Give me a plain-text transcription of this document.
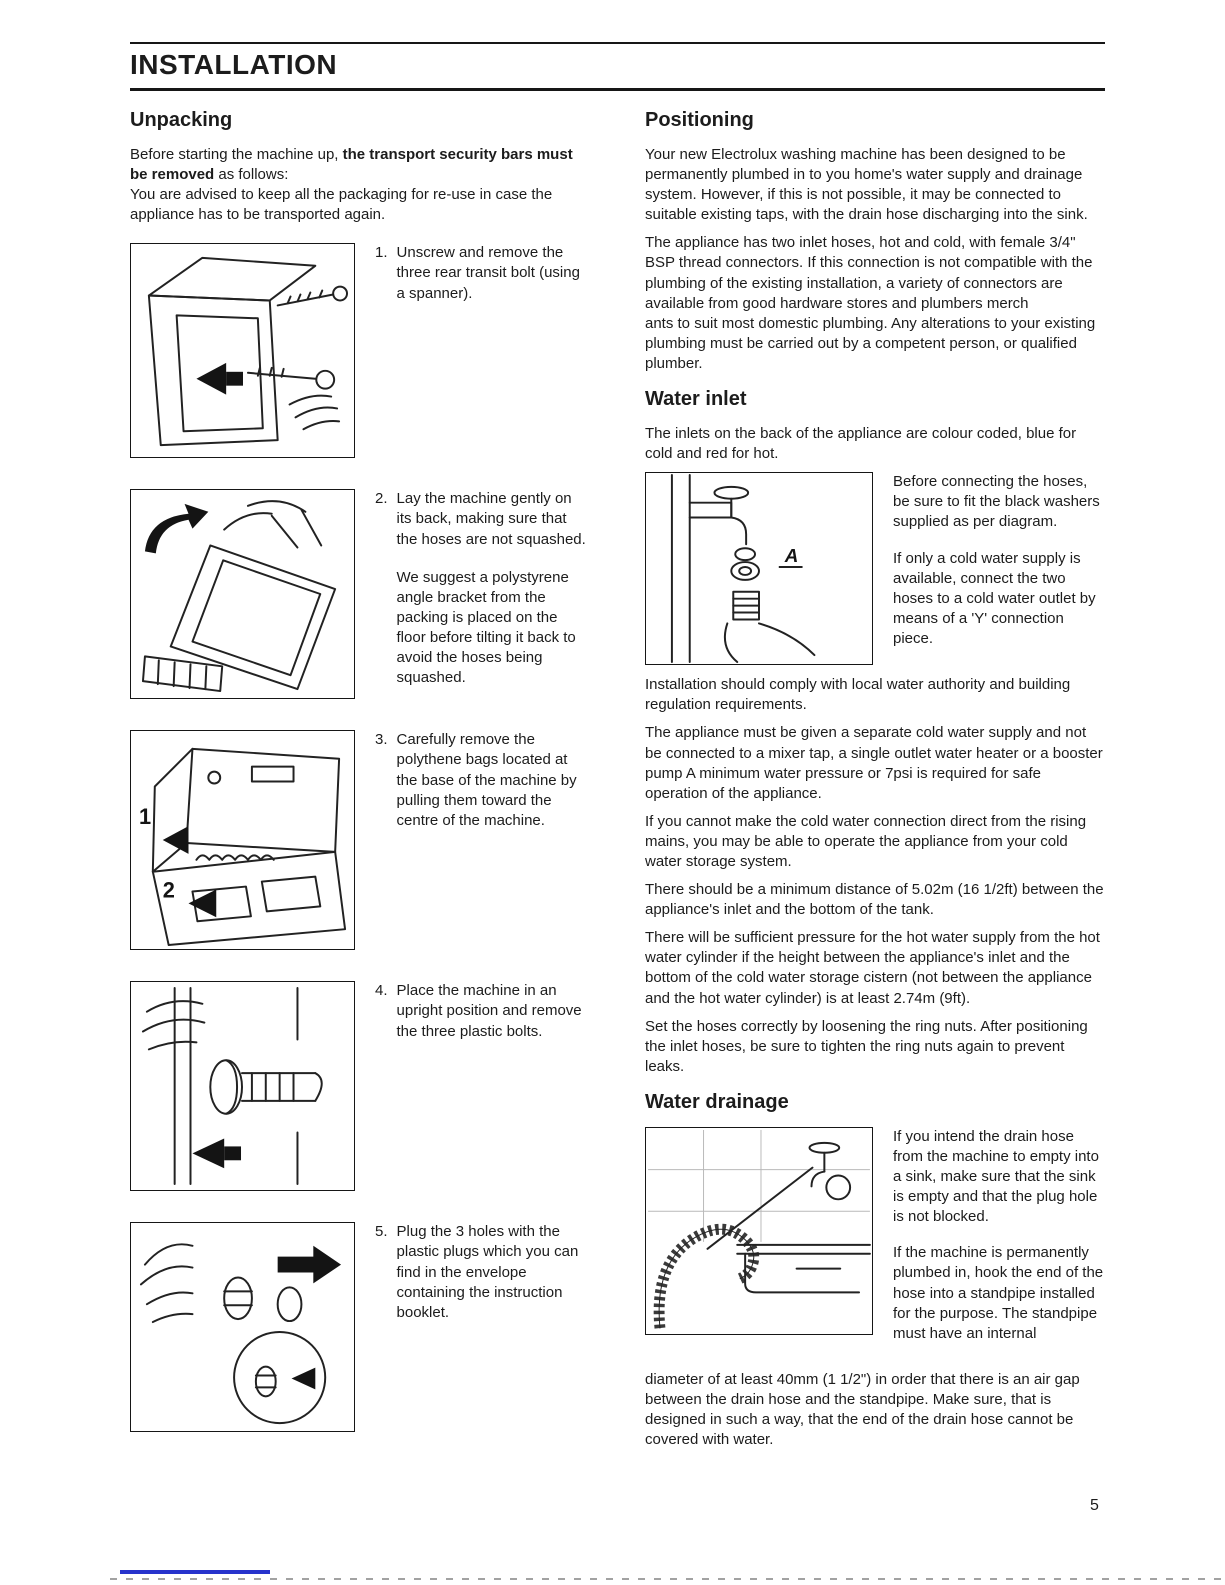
INSTALLATION
Unpacking

Before starting the machine up, the transport security bars must be removed as follows:
You are advised to keep all the packaging for re-use in case the appliance has to be transported again.

1. Unscrew and remove the three rear transit bolt (using a spanner).

2. Lay the machine gently on its back, making sure that the hoses are not squashed.

We suggest a polystyrene angle bracket from the packing is placed on the floor before tilting it back to avoid the hoses being squashed.

1
2
3. Carefully remove the polythene bags located at the base of the machine by pulling them toward the centre of the machine.

4. Place the machine in an upright position and remove the three plastic bolts.

5. Plug the 3 holes with the plastic plugs which you can find in the envelope containing the instruction booklet.

Positioning

Your new Electrolux washing machine has been designed to be permanently plumbed in to you home's water supply and drainage system. However, if this is not possible, it may be connected to suitable existing taps, with the drain hose discharging into the sink.

The appliance has two inlet hoses, hot and cold, with female 3/4" BSP thread connectors. If this connection is not compatible with the plumbing of the existing installation, a variety of connectors are available from good hardware stores and plumbers merch
ants to suit most domestic plumbing. Any alterations to your existing plumbing must be carried out by a competent person, or qualified plumber.

Water inlet

The inlets on the back of the appliance are colour coded, blue for cold and red for hot.

A

Before connecting the hoses, be sure to fit the black washers supplied as per diagram.

If only a cold water supply is available, connect the two hoses to a cold water outlet by means of a 'Y' connection piece.

Installation should comply with local water authority and building regulation requirements.

The appliance must be given a separate cold water supply and not be connected to a mixer tap, a single outlet water heater or a booster pump A minimum water pressure or 7psi is required for safe operation of the appliance.

If you cannot make the cold water connection direct from the rising mains, you may be able to operate the appliance from your cold water storage system.

There should be a minimum distance of 5.02m (16 1/2ft) between the appliance's inlet and the bottom of the tank.

There will be sufficient pressure for the hot water supply from the hot water cylinder if the height between the appliance's inlet and the bottom of the cold water storage cistern (not between the appliance and the hot water cylinder) is at least 2.74m (9ft).

Set the hoses correctly by loosening the ring nuts. After positioning the inlet hoses, be sure to tighten the ring nuts again to prevent leaks.

Water drainage

If you intend the drain hose from the machine to empty into a sink, make sure that the sink is empty and that the plug hole is not blocked.

If the machine is permanently plumbed in, hook the end of the hose into a standpipe installed for the purpose. The standpipe must have an internal

diameter of at least 40mm (1 1/2") in order that there is an air gap between the drain hose and the standpipe. Make sure, that is designed in such a way, that the end of the drain hose cannot be covered with water.

5
